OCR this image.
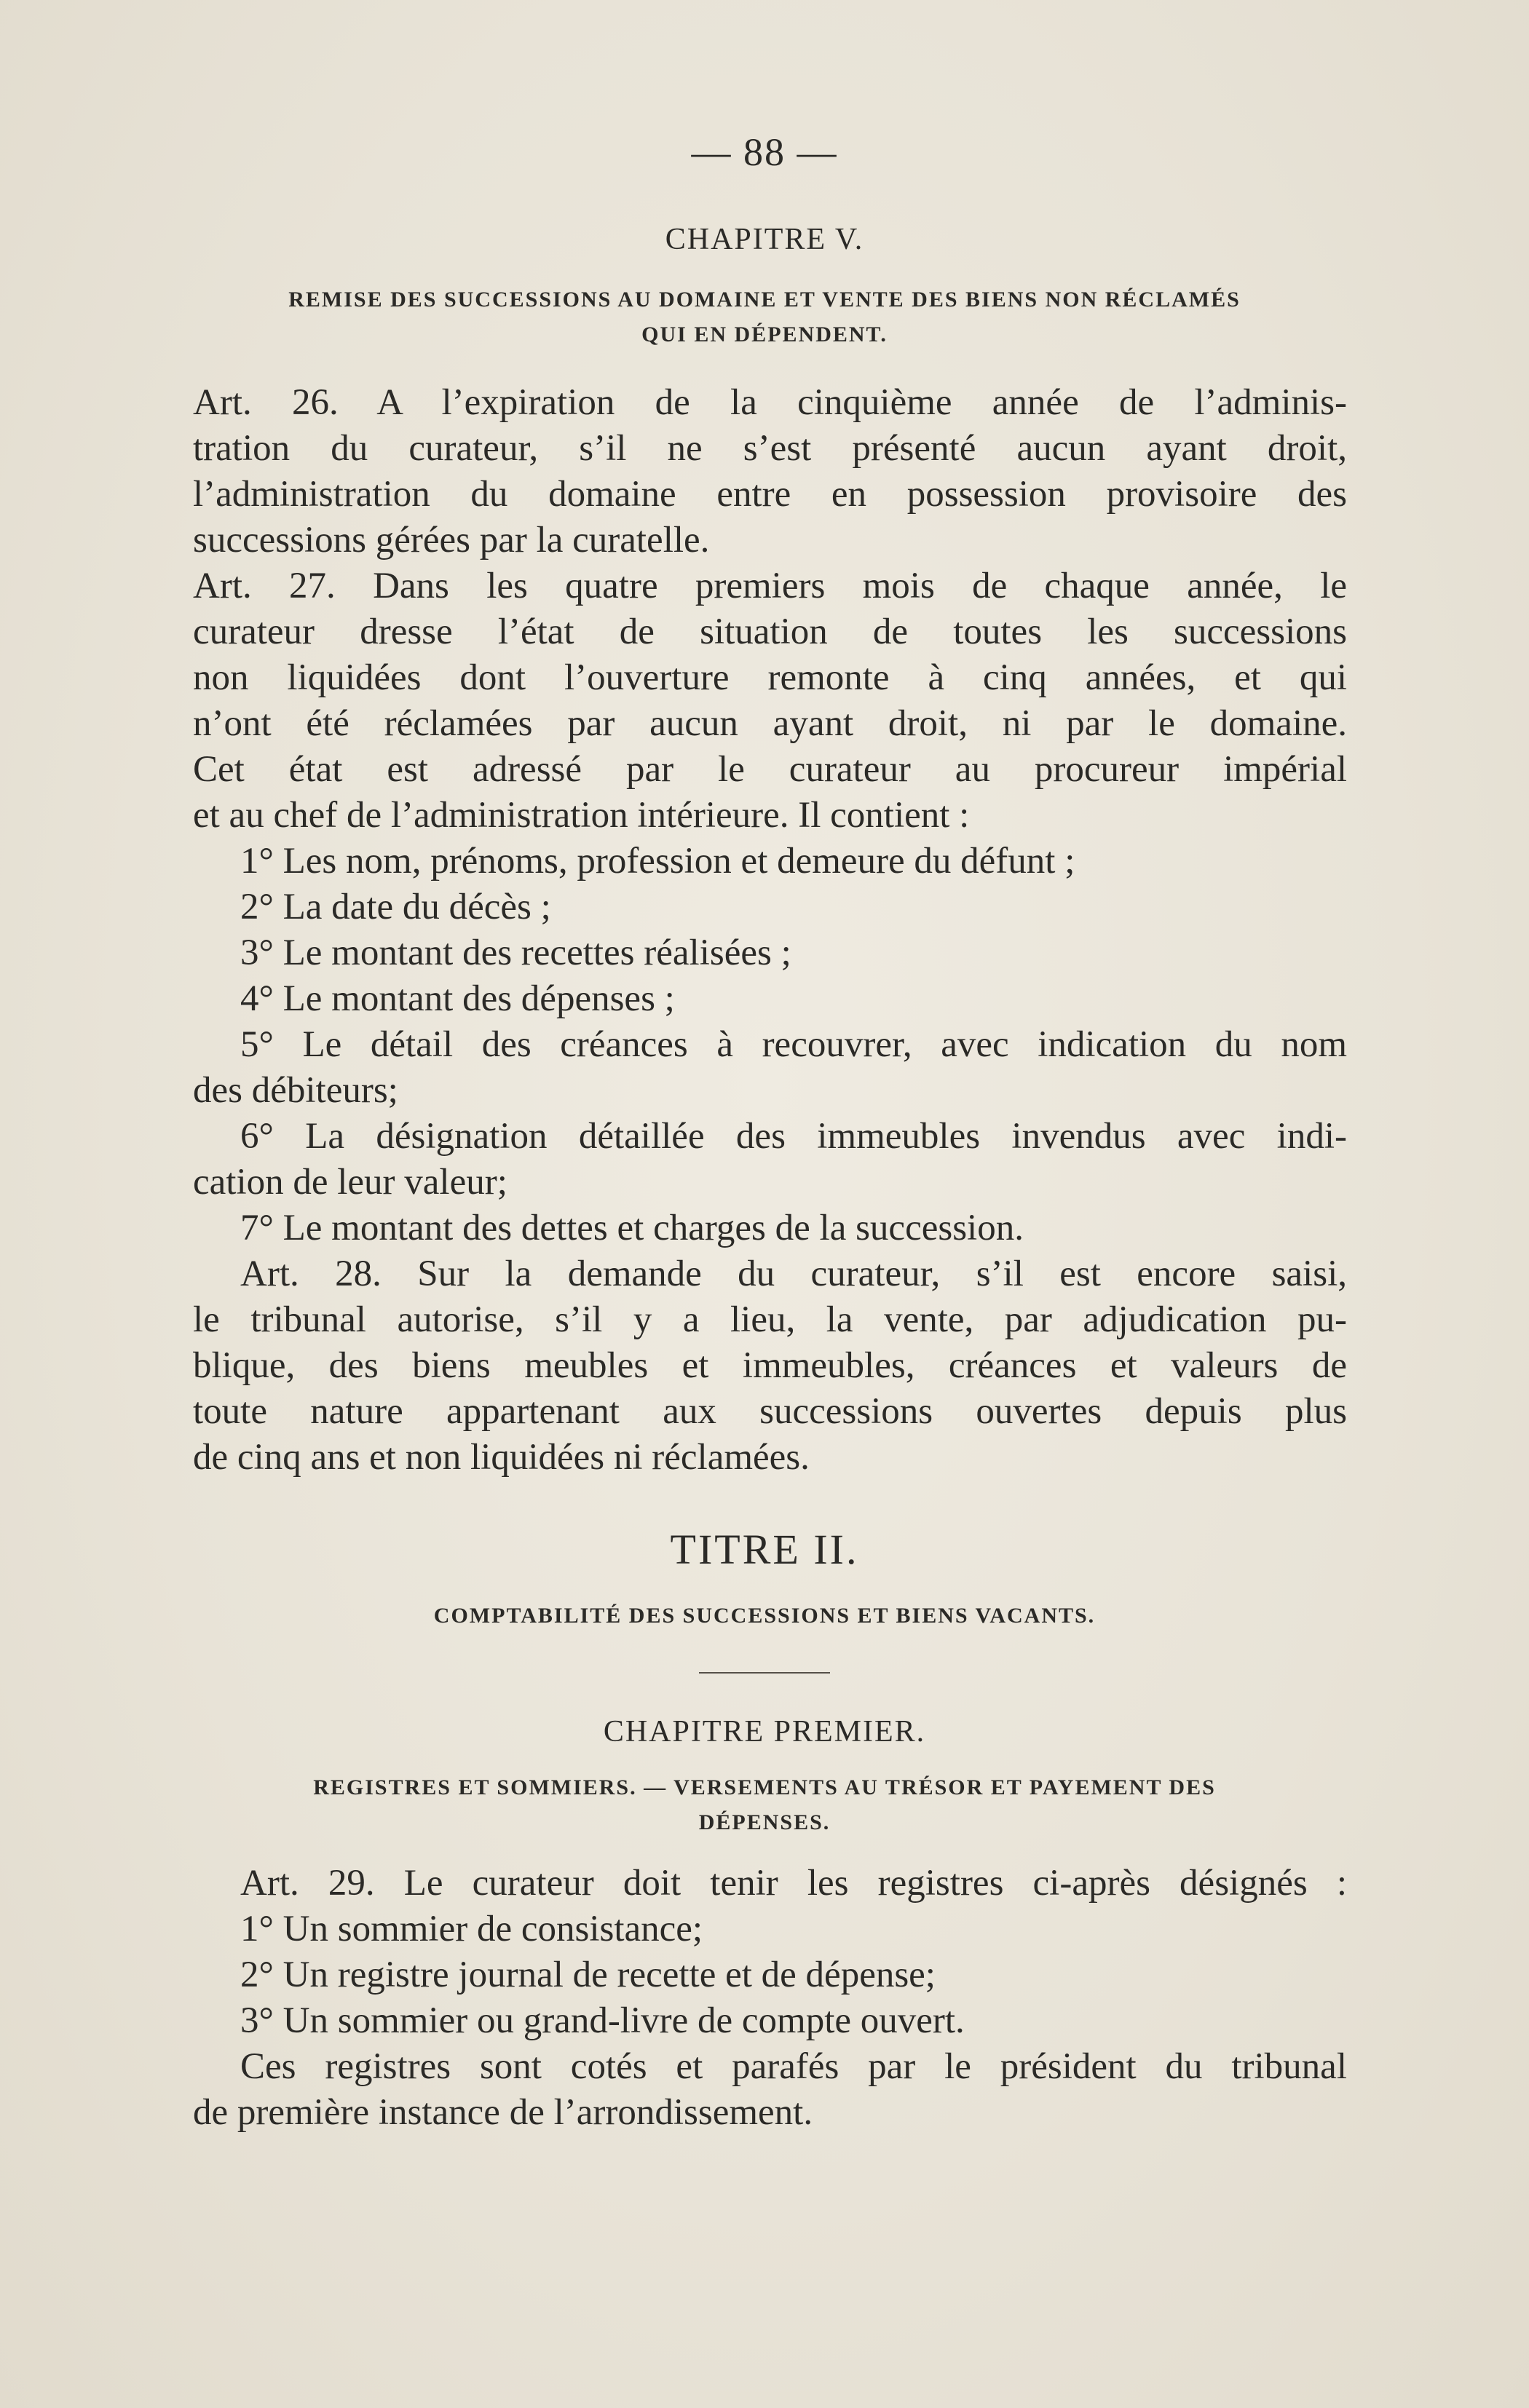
— 88 —
CHAPITRE V.
REMISE DES SUCCESSIONS AU DOMAINE ET VENTE DES BIENS NON RÉCLAMÉS
QUI EN DÉPENDENT.
Art. 26. A l’expiration de la cinquième année de l’adminis-
tration du curateur, s’il ne s’est présenté aucun ayant droit,
l’administration du domaine entre en possession provisoire des
successions gérées par la curatelle.
Art. 27. Dans les quatre premiers mois de chaque année, le
curateur dresse l’état de situation de toutes les successions
non liquidées dont l’ouverture remonte à cinq années, et qui
n’ont été réclamées par aucun ayant droit, ni par le domaine.
Cet état est adressé par le curateur au procureur impérial
et au chef de l’administration intérieure. Il contient :
1° Les nom, prénoms, profession et demeure du défunt ;
2° La date du décès ;
3° Le montant des recettes réalisées ;
4° Le montant des dépenses ;
5° Le détail des créances à recouvrer, avec indication du nom
des débiteurs;
6° La désignation détaillée des immeubles invendus avec indi-
cation de leur valeur;
7° Le montant des dettes et charges de la succession.
Art. 28. Sur la demande du curateur, s’il est encore saisi,
le tribunal autorise, s’il y a lieu, la vente, par adjudication pu-
blique, des biens meubles et immeubles, créances et valeurs de
toute nature appartenant aux successions ouvertes depuis plus
de cinq ans et non liquidées ni réclamées.
TITRE II.
COMPTABILITÉ DES SUCCESSIONS ET BIENS VACANTS.
CHAPITRE PREMIER.
REGISTRES ET SOMMIERS. — VERSEMENTS AU TRÉSOR ET PAYEMENT DES
DÉPENSES.
Art. 29. Le curateur doit tenir les registres ci-après désignés :
1° Un sommier de consistance;
2° Un registre journal de recette et de dépense;
3° Un sommier ou grand-livre de compte ouvert.
Ces registres sont cotés et parafés par le président du tribunal
de première instance de l’arrondissement.
